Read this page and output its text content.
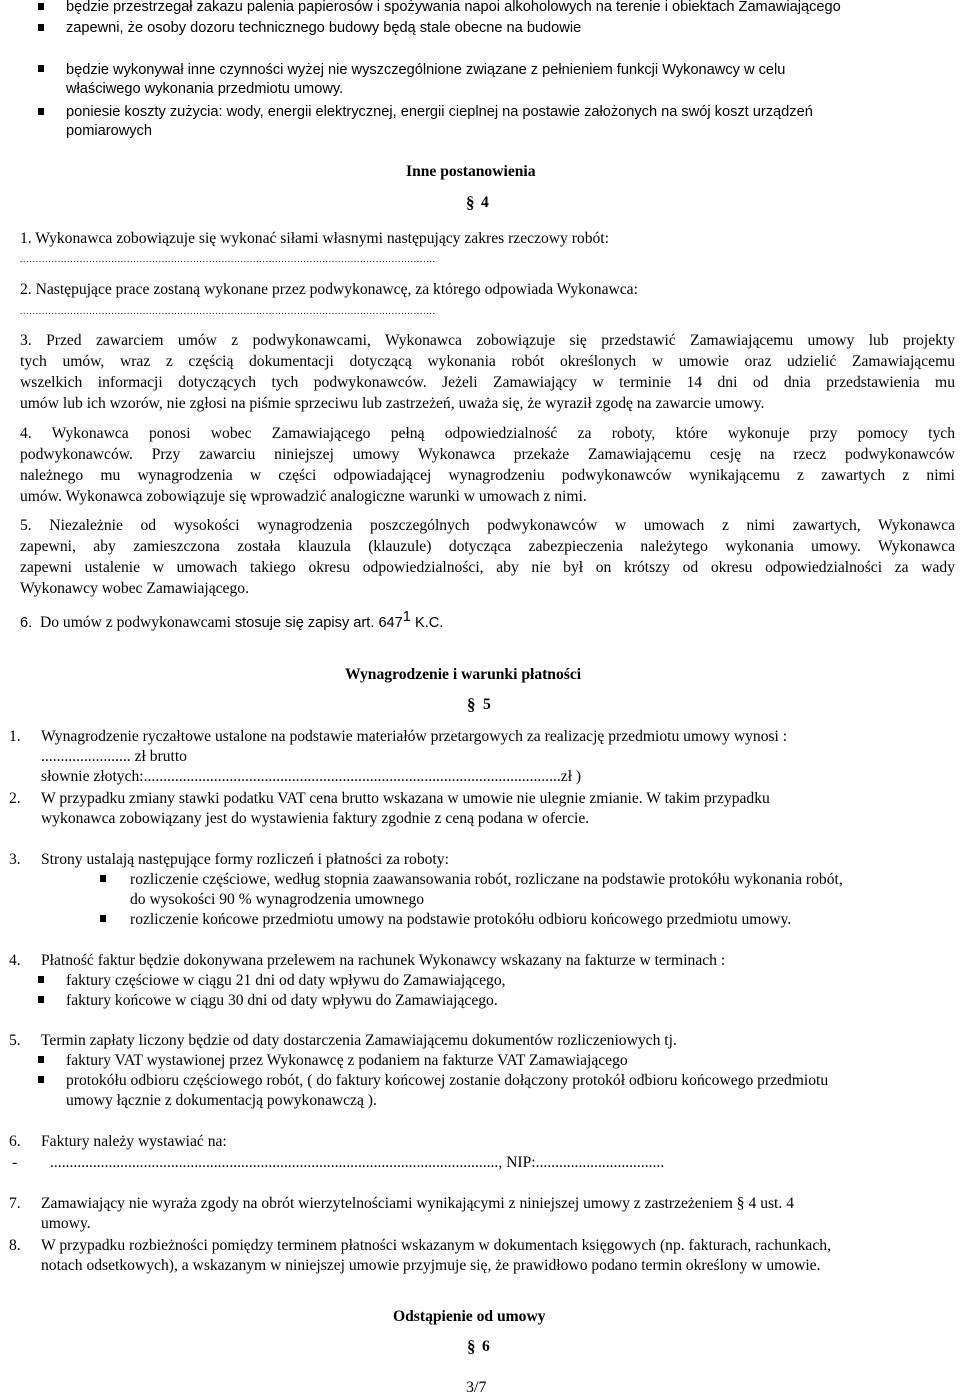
będzie przestrzegał zakazu palenia papierosów i spożywania napoi alkoholowych na terenie i obiektach Zamawiającego
zapewni, że osoby dozoru technicznego budowy będą stale obecne na budowie
będzie wykonywał inne czynności wyżej nie wyszczególnione związane z pełnieniem funkcji Wykonawcy w celu
właściwego wykonania przedmiotu umowy.
poniesie koszty zużycia: wody, energii elektrycznej, energii cieplnej na postawie założonych na swój koszt urządzeń
pomiarowych
Inne postanowienia
§ 4
1. Wykonawca zobowiązuje się wykonać siłami własnymi następujący zakres rzeczowy robót:
....................................................................................................................................
2. Następujące prace zostaną wykonane przez podwykonawcę, za którego odpowiada Wykonawca:
....................................................................................................................................
3. Przed zawarciem umów z podwykonawcami, Wykonawca zobowiązuje się przedstawić Zamawiającemu umowy lub projekty
tych umów, wraz z częścią dokumentacji dotyczącą wykonania robót określonych w umowie oraz udzielić Zamawiającemu
wszelkich informacji dotyczących tych podwykonawców. Jeżeli Zamawiający w terminie 14 dni od dnia przedstawienia mu
umów lub ich wzorów, nie zgłosi na piśmie sprzeciwu lub zastrzeżeń, uważa się, że wyraził zgodę na zawarcie umowy.
4. Wykonawca ponosi wobec Zamawiającego pełną odpowiedzialność za roboty, które wykonuje przy pomocy tych
podwykonawców. Przy zawarciu niniejszej umowy Wykonawca przekaże Zamawiającemu cesję na rzecz podwykonawców
należnego mu wynagrodzenia w części odpowiadającej wynagrodzeniu podwykonawców wynikającemu z zawartych z nimi
umów. Wykonawca zobowiązuje się wprowadzić analogiczne warunki w umowach z nimi.
5. Niezależnie od wysokości wynagrodzenia poszczególnych podwykonawców w umowach z nimi zawartych, Wykonawca
zapewni, aby zamieszczona została klauzula (klauzule) dotycząca zabezpieczenia należytego wykonania umowy. Wykonawca
zapewni ustalenie w umowach takiego okresu odpowiedzialności, aby nie był on krótszy od okresu odpowiedzialności za wady
Wykonawcy wobec Zamawiającego.
6. Do umów z podwykonawcami stosuje się zapisy art. $647^1$ K.C.
Wynagrodzenie i warunki płatności
§ 5
1. Wynagrodzenie ryczałtowe ustalone na podstawie materiałów przetargowych za realizację przedmiotu umowy wynosi :
....................... zł brutto
słownie złotych:...........................................................................................................zł )
2. W przypadku zmiany stawki podatku VAT cena brutto wskazana w umowie nie ulegnie zmianie. W takim przypadku
wykonawca zobowiązany jest do wystawienia faktury zgodnie z ceną podana w ofercie.
3. Strony ustalają następujące formy rozliczeń i płatności za roboty:
rozliczenie częściowe, według stopnia zaawansowania robót, rozliczane na podstawie protokółu wykonania robót,
do wysokości 90 % wynagrodzenia umownego
rozliczenie końcowe przedmiotu umowy na podstawie protokółu odbioru końcowego przedmiotu umowy.
4. Płatność faktur będzie dokonywana przelewem na rachunek Wykonawcy wskazany na fakturze w terminach :
faktury częściowe w ciągu 21 dni od daty wpływu do Zamawiającego,
faktury końcowe w ciągu 30 dni od daty wpływu do Zamawiającego.
5. Termin zapłaty liczony będzie od daty dostarczenia Zamawiającemu dokumentów rozliczeniowych tj.
faktury VAT wystawionej przez Wykonawcę z podaniem na fakturze VAT Zamawiającego
protokółu odbioru częściowego robót, ( do faktury końcowej zostanie dołączony protokół odbioru końcowego przedmiotu
umowy łącznie z dokumentacją powykonawczą ).
6. Faktury należy wystawiać na:
- ..................................................................................................................., NIP:.................................
7. Zamawiający nie wyraża zgody na obrót wierzytelnościami wynikającymi z niniejszej umowy z zastrzeżeniem § 4 ust. 4
umowy.
8. W przypadku rozbieżności pomiędzy terminem płatności wskazanym w dokumentach księgowych (np. fakturach, rachunkach,
notach odsetkowych), a wskazanym w niniejszej umowie przyjmuje się, że prawidłowo podano termin określony w umowie.
Odstąpienie od umowy
§ 6
3/7
